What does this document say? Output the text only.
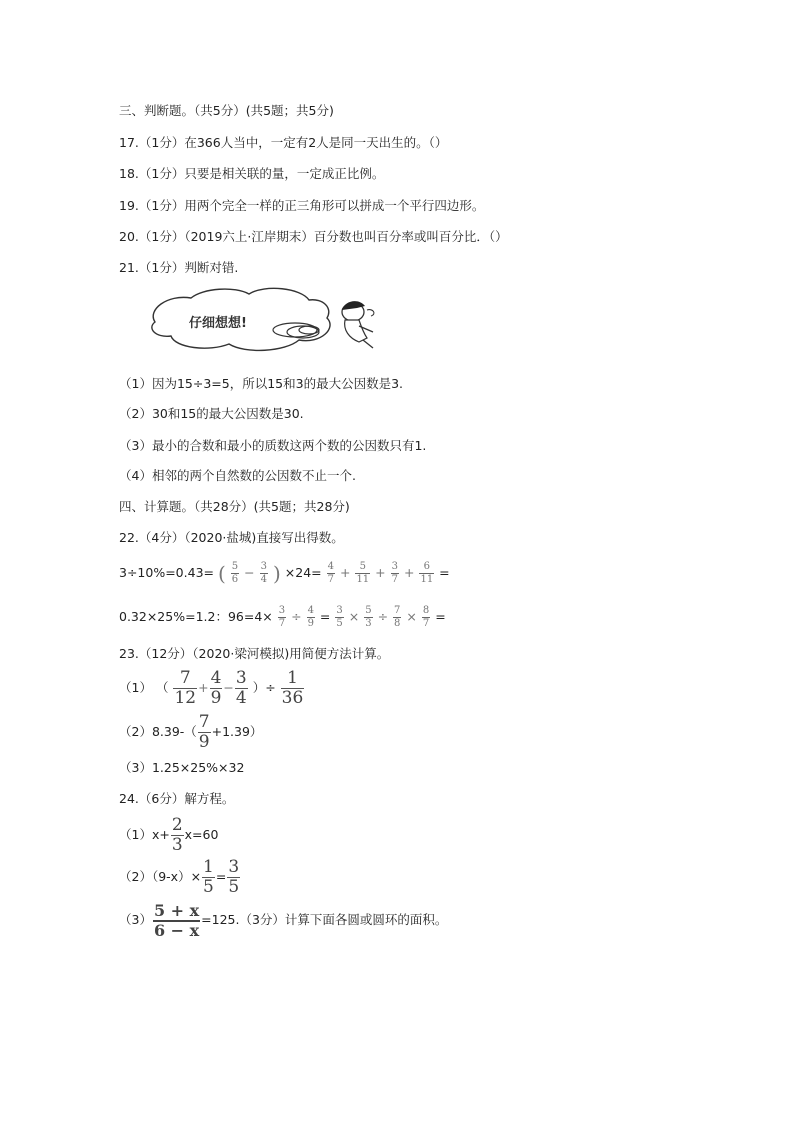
三、判断题。（共5分）(共5题；共5分)
17.（1分）在366人当中，一定有2人是同一天出生的。（）
18.（1分）只要是相关联的量，一定成正比例。
19.（1分）用两个完全一样的正三角形可以拼成一个平行四边形。
20.（1分）（2019六上·江岸期末）百分数也叫百分率或叫百分比．（）
21.（1分）判断对错.
仔细想想!
（1）因为15÷3=5，所以15和3的最大公因数是3.
（2）30和15的最大公因数是30.
（3）最小的合数和最小的质数这两个数的公因数只有1.
（4）相邻的两个自然数的公因数不止一个.
四、计算题。（共28分）(共5题；共28分)
22.（4分）（2020·盐城)直接写出得数。
3÷10%=0.43= ( $\frac{5}{6} - \frac{3}{4}$ ) $\times 24= \frac{4}{7} + \frac{5}{11} + \frac{3}{7} + \frac{6}{11}$ =
0.32×25%=1.2：$96=4\times \frac{3}{7} \div \frac{4}{9} = \frac{3}{5} \times \frac{5}{3} \div \frac{7}{8} \times \frac{8}{7}$ =
23.（12分）（2020·梁河模拟)用简便方法计算。
（1） （ $\frac{7}{12} + \frac{4}{9} - \frac{3}{4}$ ）÷ $\frac{1}{36}$
$(2)8.39-( \frac{7}{9} +1.39)$
（3）1.25×25%×32
24.（6分）解方程。
$(1)x+ \frac{2}{3} x=60$
$(2)(9-x)\times \frac{1}{5} = \frac{3}{5}$
$(3) \frac{5 + x}{6 - x} =125.(3$分）计算下面各圆或圆环的面积。
